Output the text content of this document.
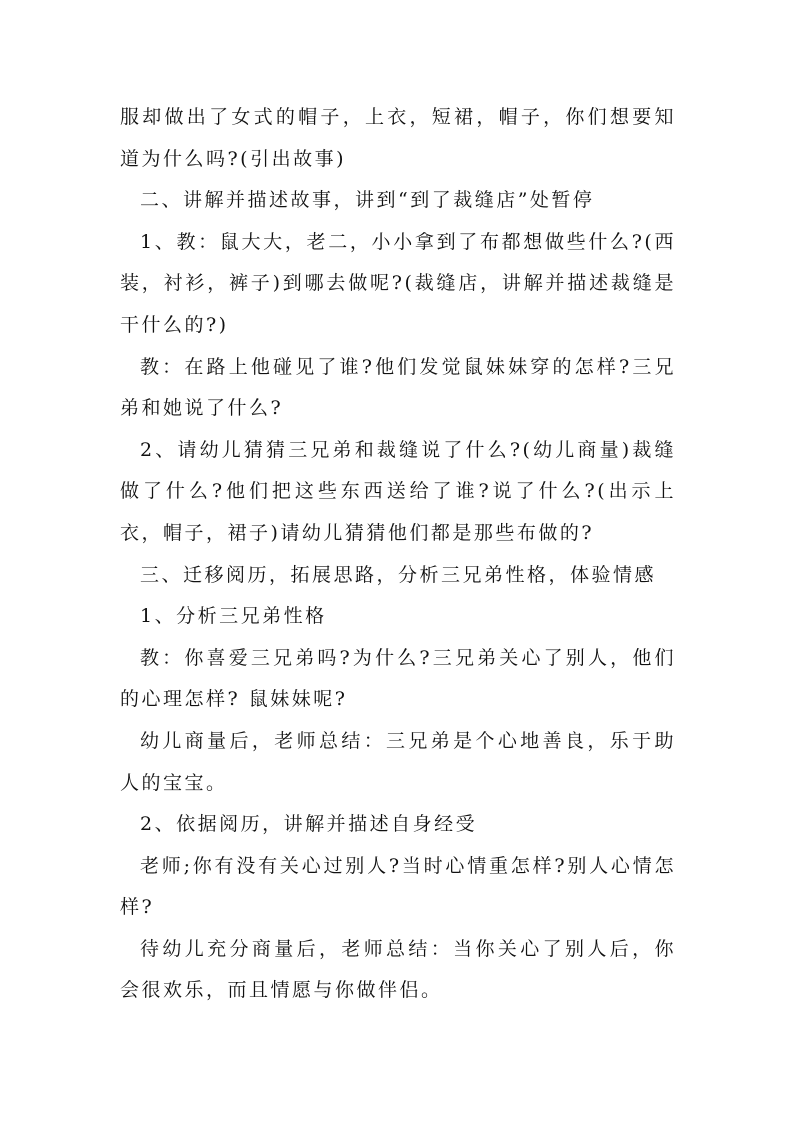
服却做出了女式的帽子，上衣，短裙，帽子，你们想要知道为什么吗?(引出故事)

二、讲解并描述故事，讲到“到了裁缝店”处暂停

1、教：鼠大大，老二，小小拿到了布都想做些什么?(西装，衬衫，裤子)到哪去做呢?(裁缝店，讲解并描述裁缝是干什么的?)

教：在路上他碰见了谁?他们发觉鼠妹妹穿的怎样?三兄弟和她说了什么?

2、请幼儿猜猜三兄弟和裁缝说了什么?(幼儿商量)裁缝做了什么?他们把这些东西送给了谁?说了什么?(出示上衣，帽子，裙子)请幼儿猜猜他们都是那些布做的?

三、迁移阅历，拓展思路，分析三兄弟性格，体验情感

1、分析三兄弟性格

教：你喜爱三兄弟吗?为什么?三兄弟关心了别人，他们的心理怎样? 鼠妹妹呢?

幼儿商量后，老师总结：三兄弟是个心地善良，乐于助人的宝宝。

2、依据阅历，讲解并描述自身经受

老师;你有没有关心过别人?当时心情重怎样?别人心情怎样?

待幼儿充分商量后，老师总结：当你关心了别人后，你会很欢乐，而且情愿与你做伴侣。
